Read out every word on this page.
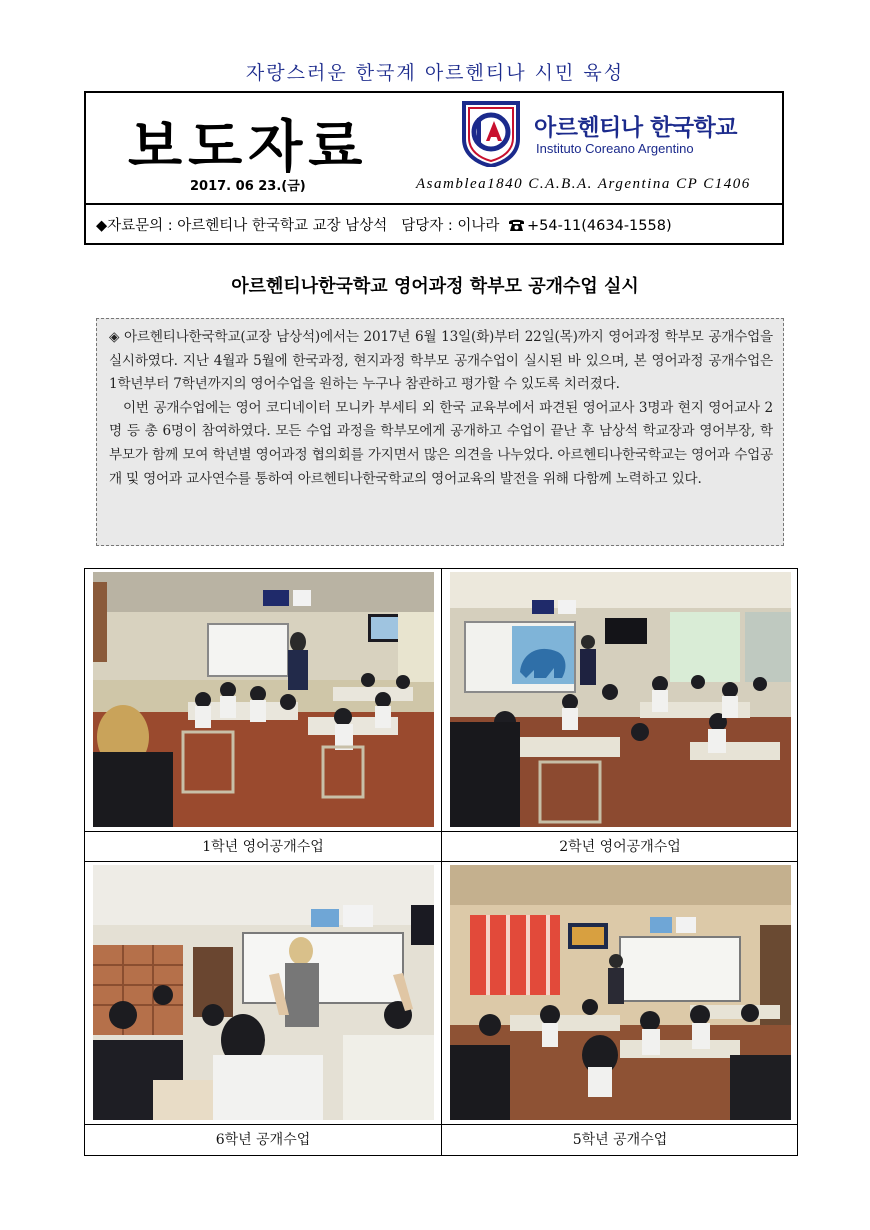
자랑스러운 한국계 아르헨티나 시민 육성
보도자료
2017. 06 23.(금)
아르헨티나 한국학교
Instituto Coreano Argentino
Asamblea1840 C.A.B.A. Argentina CP C1406
◆자료문의 : 아르헨티나 한국학교 교장 남상석 담당자 : 이나라 +54-11(4634-1558)
아르헨티나한국학교 영어과정 학부모 공개수업 실시

◈ 아르헨티나한국학교(교장 남상석)에서는 2017년 6월 13일(화)부터 22일(목)까지 영어과정 학부모 공개수업을 실시하였다. 지난 4월과 5월에 한국과정, 현지과정 학부모 공개수업이 실시된 바 있으며, 본 영어과정 공개수업은 1학년부터 7학년까지의 영어수업을 원하는 누구나 참관하고 평가할 수 있도록 치러졌다.

이번 공개수업에는 영어 코디네이터 모니카 부세티 외 한국 교육부에서 파견된 영어교사 3명과 현지 영어교사 2명 등 총 6명이 참여하였다. 모든 수업 과정을 학부모에게 공개하고 수업이 끝난 후 남상석 학교장과 영어부장, 학부모가 함께 모여 학년별 영어과정 협의회를 가지면서 많은 의견을 나누었다. 아르헨티나한국학교는 영어과 수업공개 및 영어과 교사연수를 통하여 아르헨티나한국학교의 영어교육의 발전을 위해 다함께 노력하고 있다.

1학년 영어공개수업	2학년 영어공개수업
6학년 공개수업	5학년 공개수업
